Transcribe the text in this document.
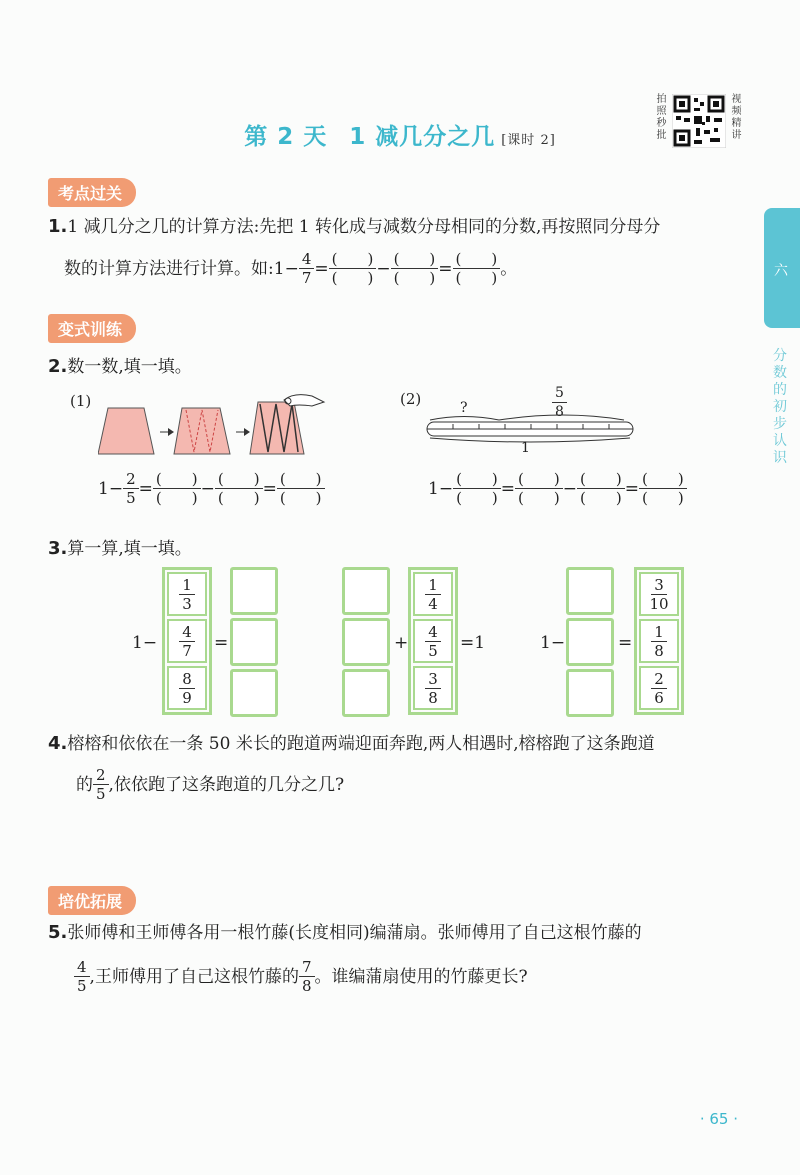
第 2 天 1 减几分之几 [课时 2]
拍
照
秒
批
视
频
精
讲
六
分
数
的
初
步
认
识
考点过关
1.1 减几分之几的计算方法:先把 1 转化成与减数分母相同的分数,再按照同分母分
数的计算方法进行计算。如: $1 - \frac{4}{7} = \frac{( )}{( )} - \frac{( )}{( )} = \frac{( )}{( )}$ 。
变式训练
2.数一数,填一填。
(1)	(2)	?	$\frac{5}{8}$
1
$1 - \frac{2}{5} = \frac{( )}{( )} - \frac{( )}{( )} = \frac{( )}{( )}$	$1 - \frac{( )}{( )} = \frac{( )}{( )} - \frac{( )}{( )} = \frac{( )}{( )}$
3.算一算,填一填。
1−
$\frac{1}{3}$
$\frac{4}{7}$
$\frac{8}{9}$
=	+
$\frac{1}{4}$
$\frac{4}{5}$
$\frac{3}{8}$
=1	1−	=
$\frac{3}{10}$
$\frac{1}{8}$
$\frac{2}{6}$
4.榕榕和依依在一条 50 米长的跑道两端迎面奔跑,两人相遇时,榕榕跑了这条跑道
的 $\frac{2}{5}$ ,依依跑了这条跑道的几分之几?
培优拓展
5.张师傅和王师傅各用一根竹藤(长度相同)编蒲扇。张师傅用了自己这根竹藤的
$\frac{4}{5}$ ,王师傅用了自己这根竹藤的 $\frac{7}{8}$ 。谁编蒲扇使用的竹藤更长?
· 65 ·
